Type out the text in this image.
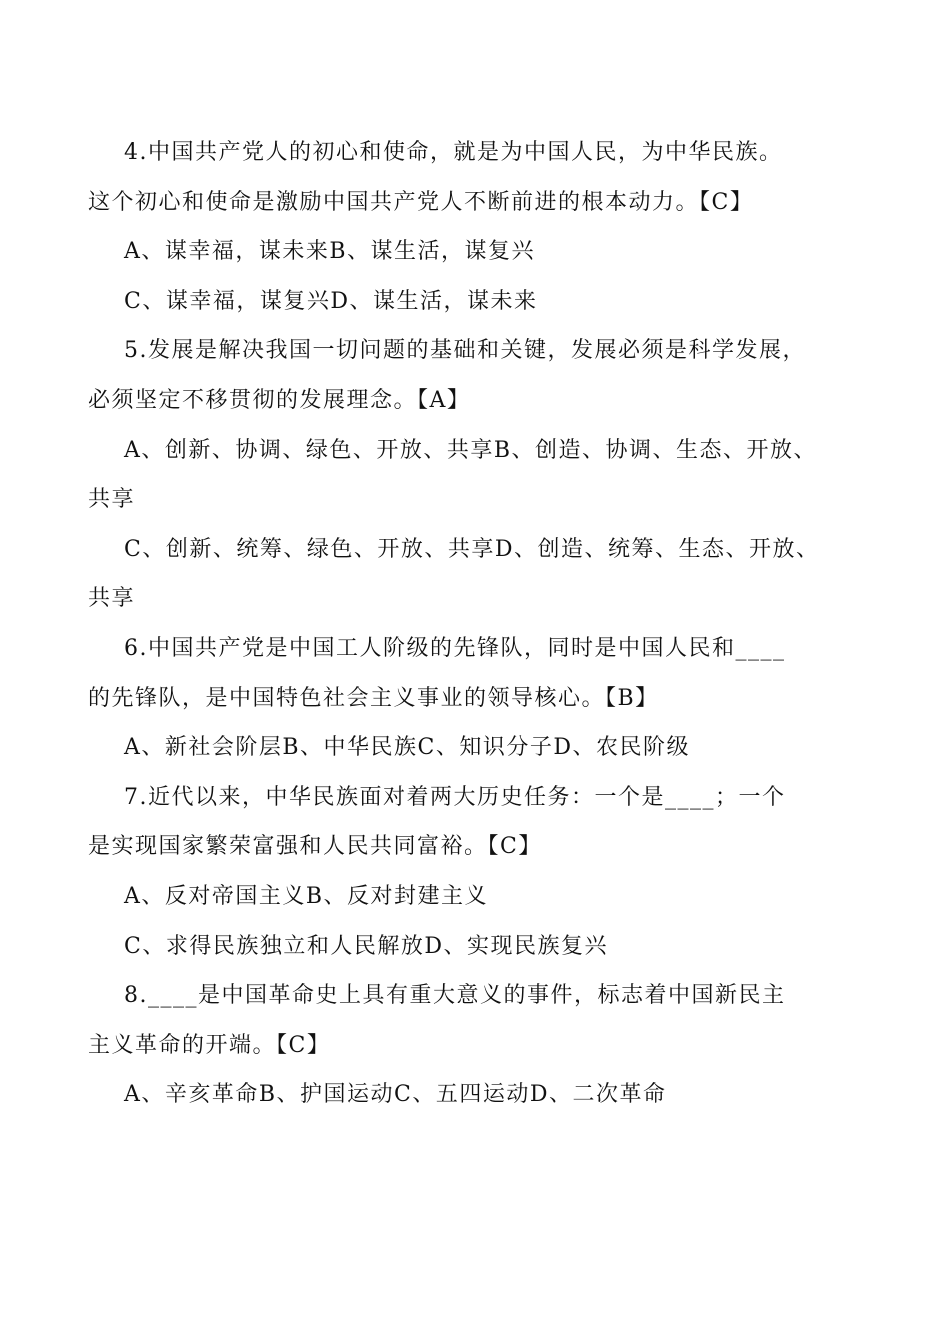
4.中国共产党人的初心和使命，就是为中国人民，为中华民族。
这个初心和使命是激励中国共产党人不断前进的根本动力。【C】
A、谋幸福，谋未来B、谋生活，谋复兴
C、谋幸福，谋复兴D、谋生活，谋未来
5.发展是解决我国一切问题的基础和关键，发展必须是科学发展，
必须坚定不移贯彻的发展理念。【A】
A、创新、协调、绿色、开放、共享B、创造、协调、生态、开放、
共享
C、创新、统筹、绿色、开放、共享D、创造、统筹、生态、开放、
共享
6.中国共产党是中国工人阶级的先锋队，同时是中国人民和____
的先锋队，是中国特色社会主义事业的领导核心。【B】
A、新社会阶层B、中华民族C、知识分子D、农民阶级
7.近代以来，中华民族面对着两大历史任务：一个是____；一个
是实现国家繁荣富强和人民共同富裕。【C】
A、反对帝国主义B、反对封建主义
C、求得民族独立和人民解放D、实现民族复兴
8.____是中国革命史上具有重大意义的事件，标志着中国新民主
主义革命的开端。【C】
A、辛亥革命B、护国运动C、五四运动D、二次革命
